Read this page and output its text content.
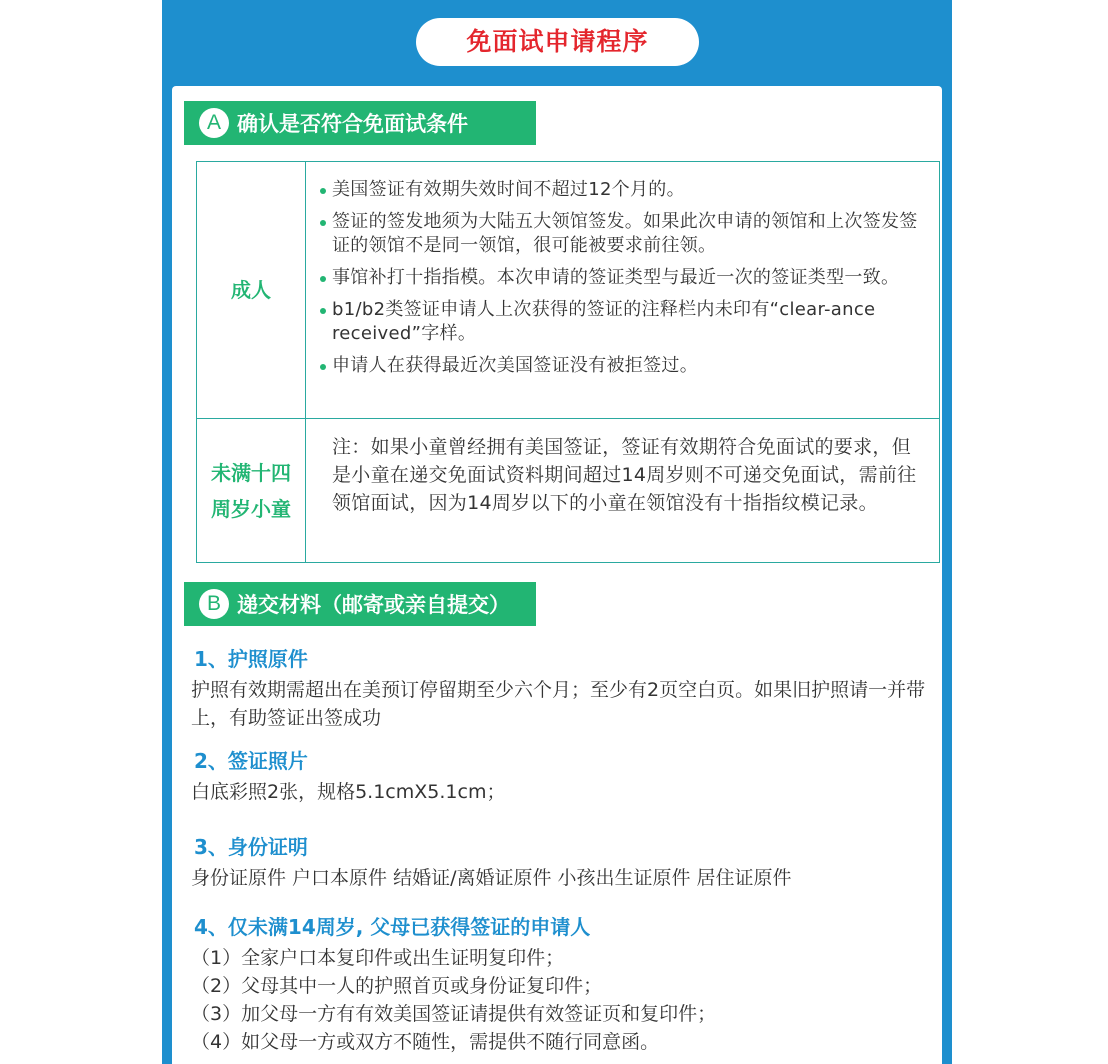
免面试申请程序
A 确认是否符合免面试条件
成人
美国签证有效期失效时间不超过12个月的。
签证的签发地须为大陆五大领馆签发。如果此次申请的领馆和上次签发签证的领馆不是同一领馆，很可能被要求前往领。
事馆补打十指指模。本次申请的签证类型与最近一次的签证类型一致。
b1/b2类签证申请人上次获得的签证的注释栏内未印有“clear-ance received”字样。
申请人在获得最近次美国签证没有被拒签过。
未满十四
周岁小童
注：如果小童曾经拥有美国签证，签证有效期符合免面试的要求，但是小童在递交免面试资料期间超过14周岁则不可递交免面试，需前往领馆面试，因为14周岁以下的小童在领馆没有十指指纹模记录。
B 递交材料（邮寄或亲自提交）
1、护照原件
护照有效期需超出在美预订停留期至少六个月；至少有2页空白页。如果旧护照请一并带上，有助签证出签成功
2、签证照片
白底彩照2张，规格5.1cmX5.1cm；
3、身份证明
身份证原件 户口本原件 结婚证/离婚证原件 小孩出生证原件 居住证原件
4、仅未满14周岁, 父母已获得签证的申请人
（1）全家户口本复印件或出生证明复印件；
（2）父母其中一人的护照首页或身份证复印件；
（3）加父母一方有有效美国签证请提供有效签证页和复印件；
（4）如父母一方或双方不随性，需提供不随行同意函。
